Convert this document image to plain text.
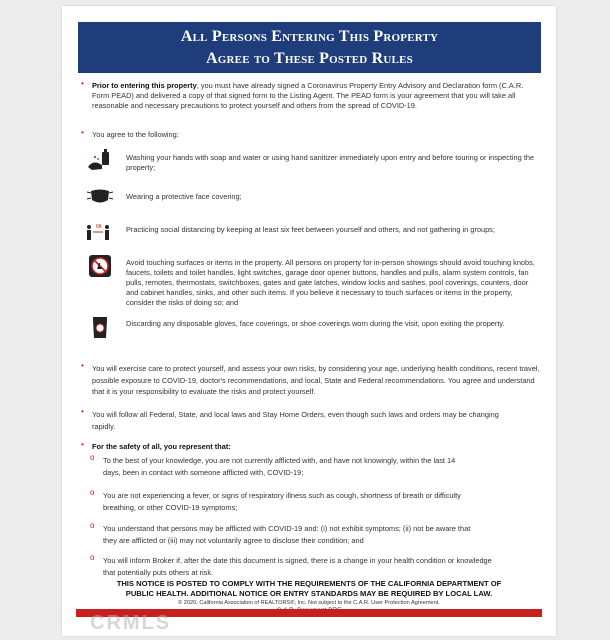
All Persons Entering This Property
Agree to These Posted Rules
• Prior to entering this property, you must have already signed a Coronavirus Property Entry Advisory and Declaration form (C.A.R. Form PEAD) and delivered a copy of that signed form to the Listing Agent. The PEAD form is your agreement that you will take all reasonable and necessary precautions to protect yourself and others from the spread of COVID-19.
• You agree to the following:
Washing your hands with soap and water or using hand sanitizer immediately upon entry and before touring or inspecting the property;
Wearing a protective face covering;
6ft	Practicing social distancing by keeping at least six feet between yourself and others, and not gathering in groups;
Avoid touching surfaces or items in the property. All persons on property for in-person showings should avoid touching knobs, faucets, toilets and toilet handles, light switches, garage door opener buttons, handles and pulls, alarm system controls, fan pulls, remotes, thermostats, switchboxes, gates and gate latches, window locks and sashes, pool coverings, counters, door and cabinet handles, sinks, and other such items. If you believe it necessary to touch surfaces or items in the property, consider the risks of doing so; and
Discarding any disposable gloves, face coverings, or shoe coverings worn during the visit, upon exiting the property.
• You will exercise care to protect yourself, and assess your own risks, by considering your age, underlying health conditions, recent travel, possible exposure to COVID-19, doctor's recommendations, and local, State and Federal recommendations. You agree and understand that it is your responsibility to evaluate the risks and protect yourself.
• You will follow all Federal, State, and local laws and Stay Home Orders, even though such laws and orders may be changing rapidly.
• For the safety of all, you represent that:
o To the best of your knowledge, you are not currently afflicted with, and have not knowingly, within the last 14 days, been in contact with someone afflicted with, COVID-19;
o You are not experiencing a fever, or signs of respiratory illness such as cough, shortness of breath or difficulty breathing, or other COVID-19 symptoms;
o You understand that persons may be afflicted with COVID-19 and: (i) not exhibit symptoms; (ii) not be aware that they are afflicted or (iii) may not voluntarily agree to disclose their condition; and
o You will inform Broker if, after the date this document is signed, there is a change in your health condition or knowledge that potentially puts others at risk.
THIS NOTICE IS POSTED TO COMPLY WITH THE REQUIREMENTS OF THE CALIFORNIA DEPARTMENT OF
PUBLIC HEALTH. ADDITIONAL NOTICE OR ENTRY STANDARDS MAY BE REQUIRED BY LOCAL LAW.
© 2020, California Association of REALTORS®, Inc. Not subject to the C.A.R. User Protection Agreement.
CRMLS
